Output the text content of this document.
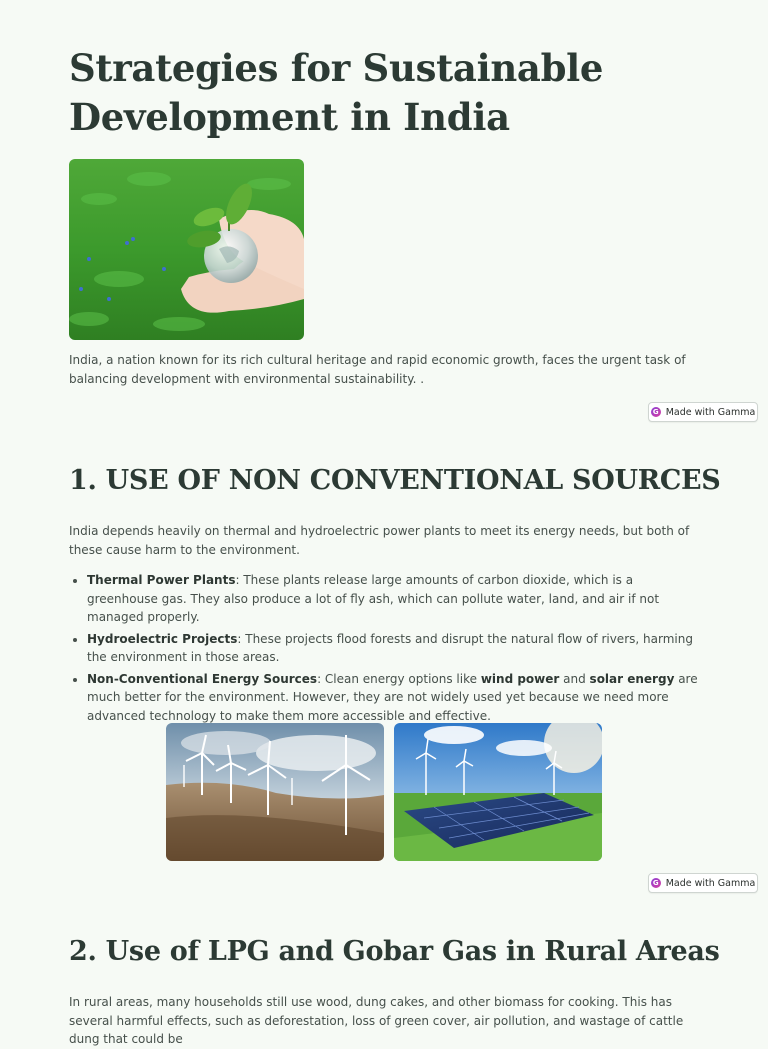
Strategies for Sustainable Development in India

India, a nation known for its rich cultural heritage and rapid economic growth, faces the urgent task of balancing development with environmental sustainability. .

G Made with Gamma
1. USE OF NON CONVENTIONAL SOURCES

India depends heavily on thermal and hydroelectric power plants to meet its energy needs, but both of these cause harm to the environment.

• Thermal Power Plants: These plants release large amounts of carbon dioxide, which is a greenhouse gas. They also produce a lot of fly ash, which can pollute water, land, and air if not managed properly.
• Hydroelectric Projects: These projects flood forests and disrupt the natural flow of rivers, harming the environment in those areas.
• Non-Conventional Energy Sources: Clean energy options like wind power and solar energy are much better for the environment. However, they are not widely used yet because we need more advanced technology to make them more accessible and effective.
G Made with Gamma
2. Use of LPG and Gobar Gas in Rural Areas

In rural areas, many households still use wood, dung cakes, and other biomass for cooking. This has several harmful effects, such as deforestation, loss of green cover, air pollution, and wastage of cattle dung that could be
